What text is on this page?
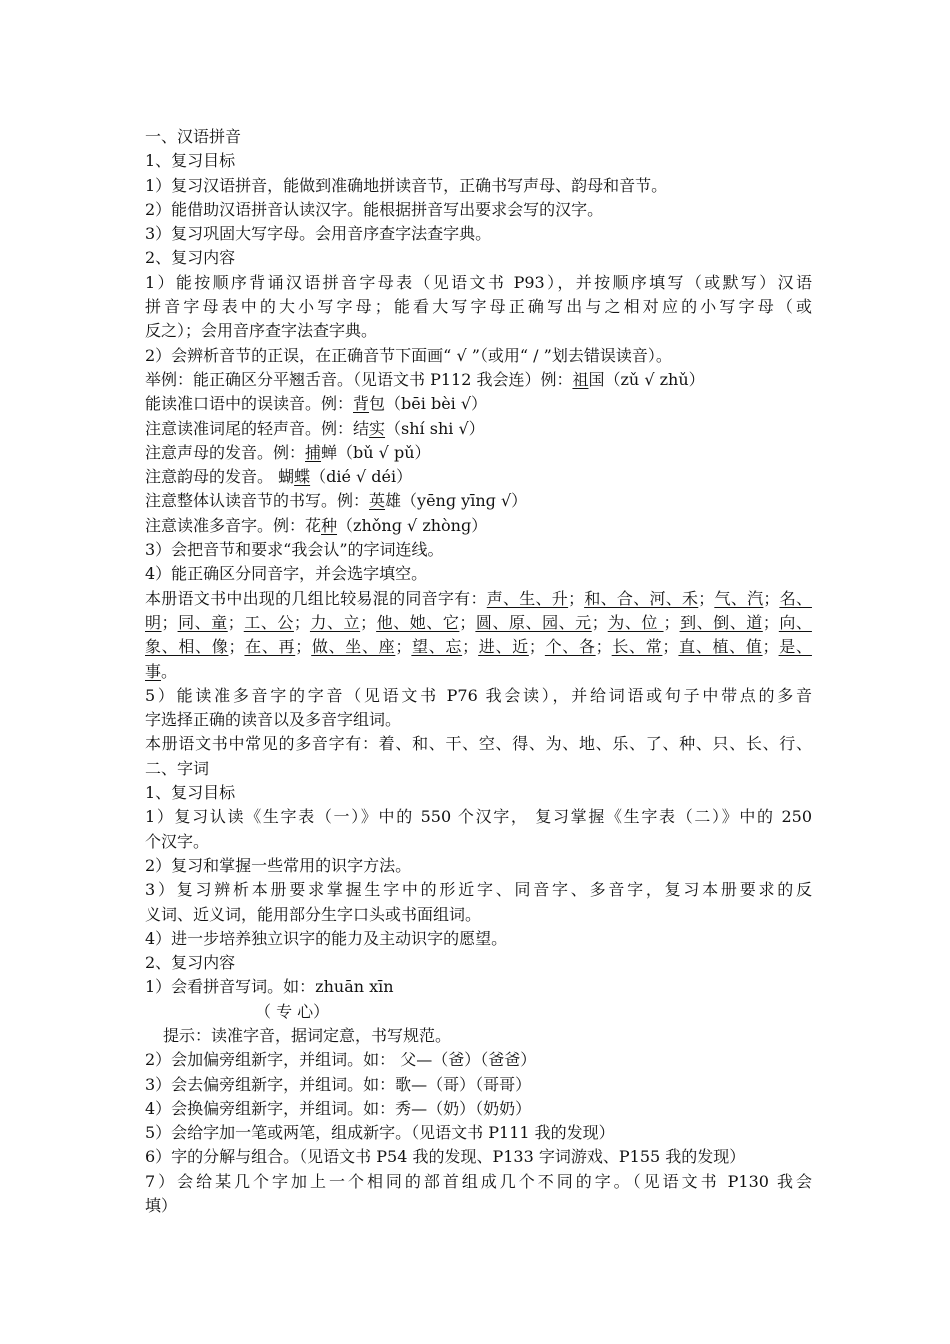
一、汉语拼音
1、复习目标
1）复习汉语拼音，能做到准确地拼读音节，正确书写声母、韵母和音节。
2）能借助汉语拼音认读汉字。能根据拼音写出要求会写的汉字。
3）复习巩固大写字母。会用音序查字法查字典。
2、复习内容
1）能按顺序背诵汉语拼音字母表（见语文书 P93），并按顺序填写（或默写）汉语
拼音字母表中的大小写字母；能看大写字母正确写出与之相对应的小写字母（或
反之）；会用音序查字法查字典。
2）会辨析音节的正误，在正确音节下面画“ √ ”（或用“ / ”划去错误读音）。
举例：能正确区分平翘舌音。（见语文书 P112 我会连）例：祖国（zǔ √ zhǔ）
能读准口语中的误读音。例：背包（bēi bèi √）
注意读准词尾的轻声音。例：结实（shí shi √）
注意声母的发音。例：捕蝉（bǔ √ pǔ）
注意韵母的发音。 蝴蝶（dié √ déi）
注意整体认读音节的书写。例：英雄（yēnɡ yīnɡ √）
注意读准多音字。例：花种（zhǒnɡ √ zhònɡ）
3）会把音节和要求“我会认”的字词连线。
4）能正确区分同音字，并会选字填空。
本册语文书中出现的几组比较易混的同音字有：声、生、升；和、合、河、禾；气、汽；名、明；同、童；工、公；力、立；他、她、它；圆、原、园、元；为、位 ；到、倒、道；向、象、相、像；在、再；做、坐、座；望、忘；进、近；个、各；长、常；直、植、值；是、事。
5）能读准多音字的字音（见语文书 P76 我会读），并给词语或句子中带点的多音
字选择正确的读音以及多音字组词。
本册语文书中常见的多音字有：着、和、干、空、得、为、地、乐、了、种、只、长、行、
二、字词
1、复习目标
1）复习认读《生字表（一）》中的 550 个汉字， 复习掌握《生字表（二）》中的 250
个汉字。
2）复习和掌握一些常用的识字方法。
3）复习辨析本册要求掌握生字中的形近字、同音字、多音字，复习本册要求的反
义词、近义词，能用部分生字口头或书面组词。
4）进一步培养独立识字的能力及主动识字的愿望。
2、复习内容
1）会看拼音写词。如：zhuān xīn
（ 专 心）
提示：读准字音，据词定意，书写规范。
2）会加偏旁组新字，并组词。如： 父—（爸）（爸爸）
3）会去偏旁组新字，并组词。如：歌—（哥）（哥哥）
4）会换偏旁组新字，并组词。如：秀—（奶）（奶奶）
5）会给字加一笔或两笔，组成新字。（见语文书 P111 我的发现）
6）字的分解与组合。（见语文书 P54 我的发现、P133 字词游戏、P155 我的发现）
7）会给某几个字加上一个相同的部首组成几个不同的字。（见语文书 P130 我会
填）
